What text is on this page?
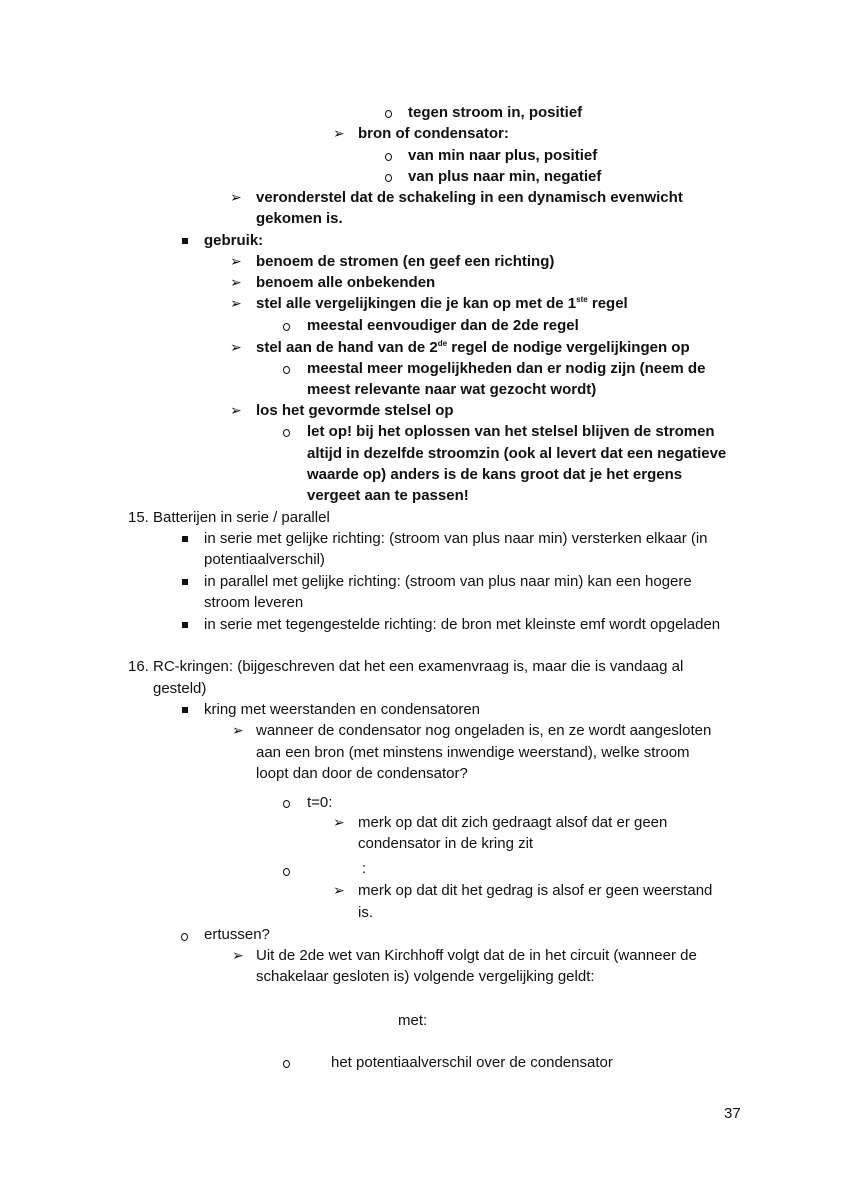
tegen stroom in, positief
➢ bron of condensator:
van min naar plus, positief
van plus naar min, negatief
➢ veronderstel dat de schakeling in een dynamisch evenwicht
gekomen is.
gebruik:
➢ benoem de stromen (en geef een richting)
➢ benoem alle onbekenden
➢ stel alle vergelijkingen die je kan op met de 1ste regel
meestal eenvoudiger dan de 2de regel
➢ stel aan de hand van de 2de regel de nodige vergelijkingen op
meestal meer mogelijkheden dan er nodig zijn (neem de
meest relevante naar wat gezocht wordt)
➢ los het gevormde stelsel op
let op! bij het oplossen van het stelsel blijven de stromen
altijd in dezelfde stroomzin (ook al levert dat een negatieve
waarde op) anders is de kans groot dat je het ergens
vergeet aan te passen!
15. Batterijen in serie / parallel
in serie met gelijke richting: (stroom van plus naar min) versterken elkaar (in
potentiaalverschil)
in parallel met gelijke richting: (stroom van plus naar min) kan een hogere
stroom leveren
in serie met tegengestelde richting: de bron met kleinste emf wordt opgeladen
16. RC-kringen: (bijgeschreven dat het een examenvraag is, maar die is vandaag al
gesteld)
kring met weerstanden en condensatoren
➢ wanneer de condensator nog ongeladen is, en ze wordt aangesloten
aan een bron (met minstens inwendige weerstand), welke stroom
loopt dan door de condensator?
t=0:
➢ merk op dat dit zich gedraagt alsof dat er geen
condensator in de kring zit
:
➢ merk op dat dit het gedrag is alsof er geen weerstand
is.
ertussen?
➢ Uit de 2de wet van Kirchhoff volgt dat de in het circuit (wanneer de
schakelaar gesloten is) volgende vergelijking geldt:
met:
het potentiaalverschil over de condensator
37
